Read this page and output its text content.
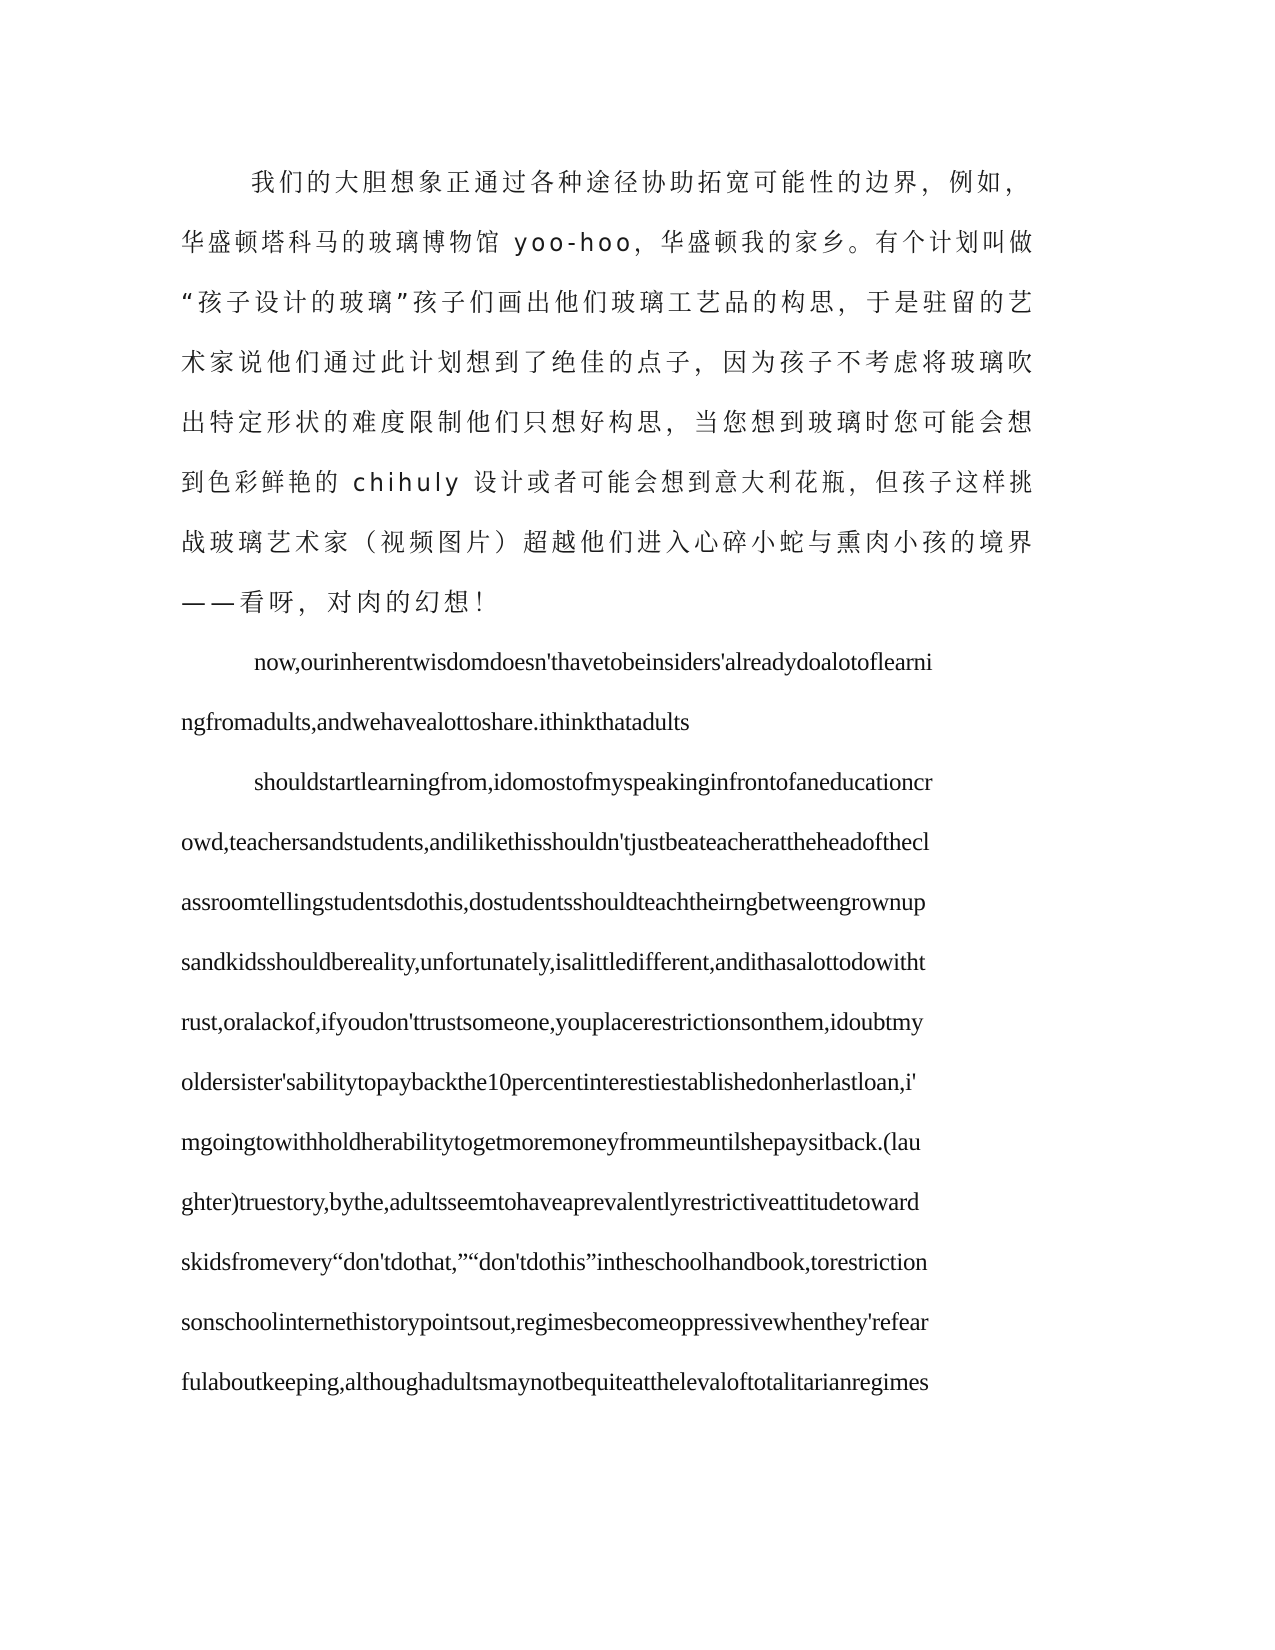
我们的大胆想象正通过各种途径协助拓宽可能性的边界，例如，
华盛顿塔科马的玻璃博物馆 yoo-hoo，华盛顿我的家乡。有个计划叫做
“孩子设计的玻璃”孩子们画出他们玻璃工艺品的构思，于是驻留的艺
术家说他们通过此计划想到了绝佳的点子，因为孩子不考虑将玻璃吹
出特定形状的难度限制他们只想好构思，当您想到玻璃时您可能会想
到色彩鲜艳的 chihuly 设计或者可能会想到意大利花瓶，但孩子这样挑
战玻璃艺术家（视频图片）超越他们进入心碎小蛇与熏肉小孩的境界
——看呀，对肉的幻想！
now,ourinherentwisdomdoesn'thavetobeinsiders'alreadydoalotoflearni
ngfromadults,andwehavealottoshare.ithinkthatadults
shouldstartlearningfrom,idomostofmyspeakinginfrontofaneducationcr
owd,teachersandstudents,andilikethisshouldn'tjustbeateacherattheheadofthecl
assroomtellingstudentsdothis,dostudentsshouldteachtheirngbetweengrownup
sandkidsshouldbereality,unfortunately,isalittledifferent,andithasalottodowitht
rust,oralackof,ifyoudon'ttrustsomeone,youplacerestrictionsonthem,idoubtmy
oldersister'sabilitytopaybackthe10percentinterestiestablishedonherlastloan,i'
mgoingtowithholdherabilitytogetmoremoneyfrommeuntilshepaysitback.(lau
ghter)truestory,bythe,adultsseemtohaveaprevalentlyrestrictiveattitudetoward
skidsfromevery“don'tdothat,”“don'tdothis”intheschoolhandbook,torestriction
sonschoolinternethistorypointsout,regimesbecomeoppressivewhenthey'refear
fulaboutkeeping,althoughadultsmaynotbequiteatthelevaloftotalitarianregimes
